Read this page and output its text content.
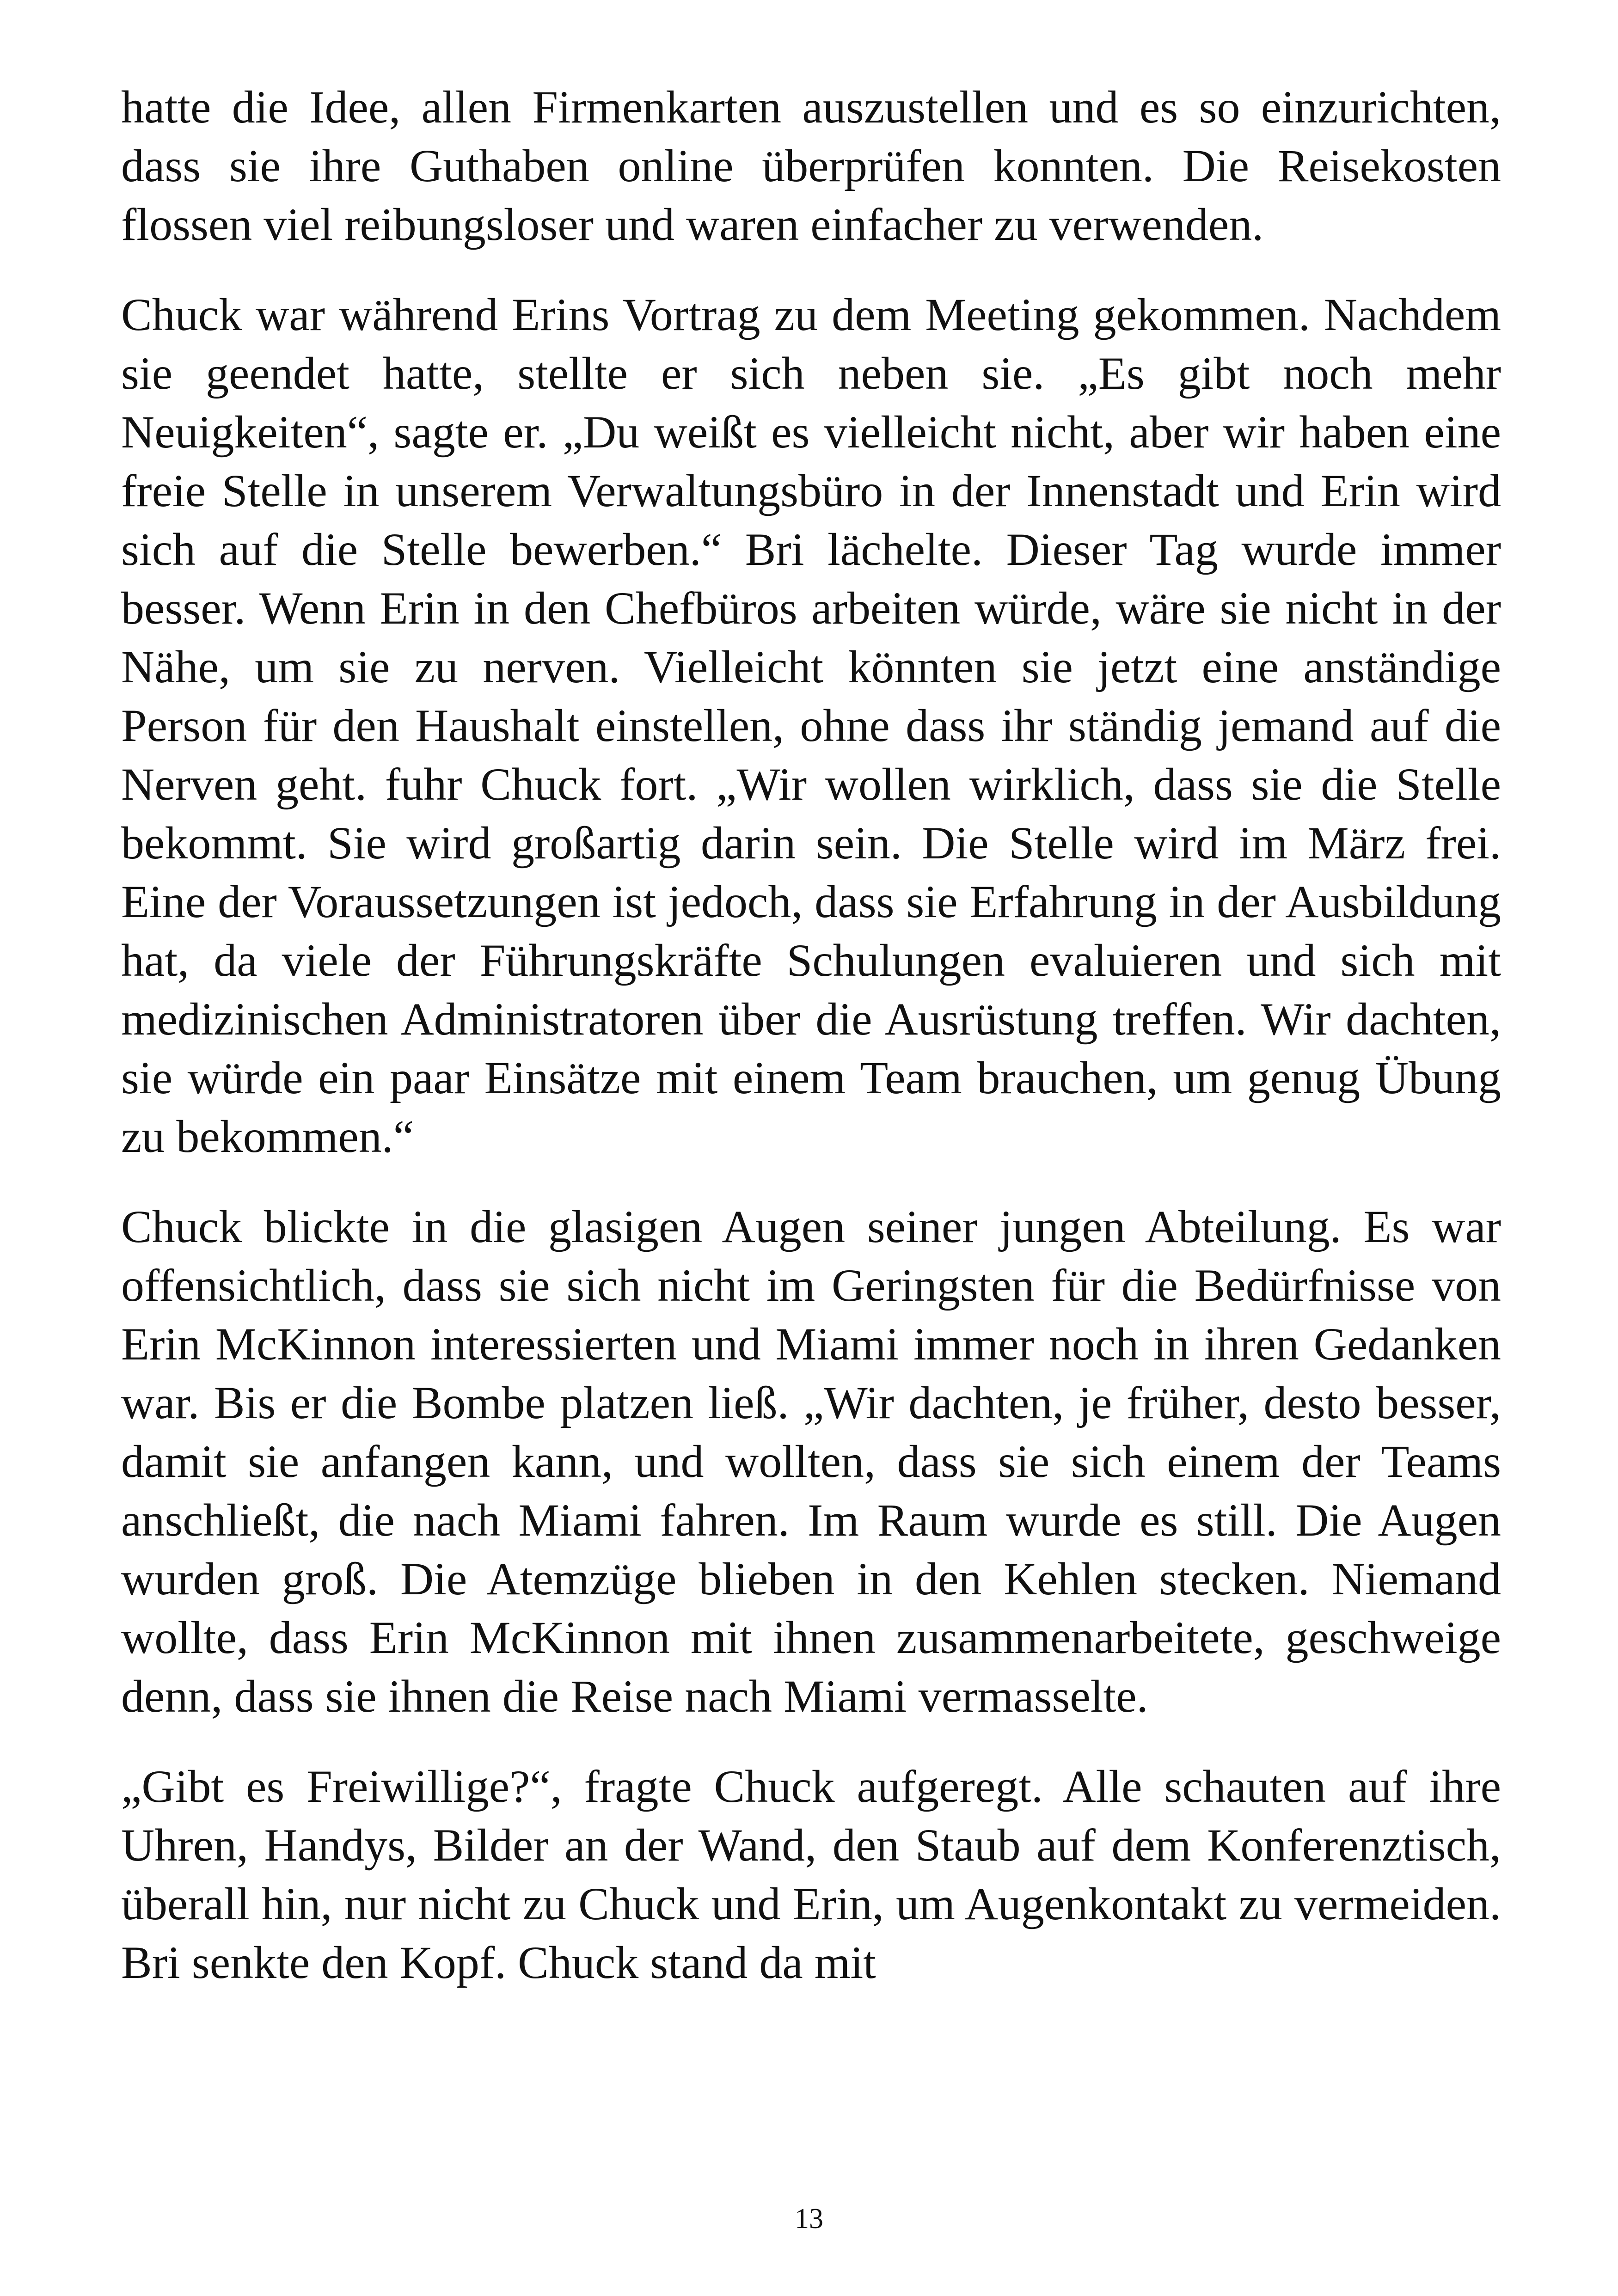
hatte die Idee, allen Firmenkarten auszustellen und es so einzurichten, dass sie ihre Guthaben online überprüfen konnten. Die Reisekosten flossen viel reibungsloser und waren einfacher zu verwenden.

Chuck war während Erins Vortrag zu dem Meeting gekommen. Nachdem sie geendet hatte, stellte er sich neben sie. „Es gibt noch mehr Neuigkeiten“, sagte er. „Du weißt es vielleicht nicht, aber wir haben eine freie Stelle in unserem Verwaltungsbüro in der Innenstadt und Erin wird sich auf die Stelle bewerben.“ Bri lächelte. Dieser Tag wurde immer besser. Wenn Erin in den Chefbüros arbeiten würde, wäre sie nicht in der Nähe, um sie zu nerven. Vielleicht könnten sie jetzt eine anständige Person für den Haushalt einstellen, ohne dass ihr ständig jemand auf die Nerven geht. fuhr Chuck fort. „Wir wollen wirklich, dass sie die Stelle bekommt. Sie wird großartig darin sein. Die Stelle wird im März frei. Eine der Voraussetzungen ist jedoch, dass sie Erfahrung in der Ausbildung hat, da viele der Führungskräfte Schulungen evaluieren und sich mit medizinischen Administratoren über die Ausrüstung treffen. Wir dachten, sie würde ein paar Einsätze mit einem Team brauchen, um genug Übung zu bekommen.“

Chuck blickte in die glasigen Augen seiner jungen Abteilung. Es war offensichtlich, dass sie sich nicht im Geringsten für die Bedürfnisse von Erin McKinnon interessierten und Miami immer noch in ihren Gedanken war. Bis er die Bombe platzen ließ. „Wir dachten, je früher, desto besser, damit sie anfangen kann, und wollten, dass sie sich einem der Teams anschließt, die nach Miami fahren. Im Raum wurde es still. Die Augen wurden groß. Die Atemzüge blieben in den Kehlen stecken. Niemand wollte, dass Erin McKinnon mit ihnen zusammenarbeitete, geschweige denn, dass sie ihnen die Reise nach Miami vermasselte.

„Gibt es Freiwillige?“, fragte Chuck aufgeregt. Alle schauten auf ihre Uhren, Handys, Bilder an der Wand, den Staub auf dem Konferenztisch, überall hin, nur nicht zu Chuck und Erin, um Augenkontakt zu vermeiden. Bri senkte den Kopf. Chuck stand da mit

13
